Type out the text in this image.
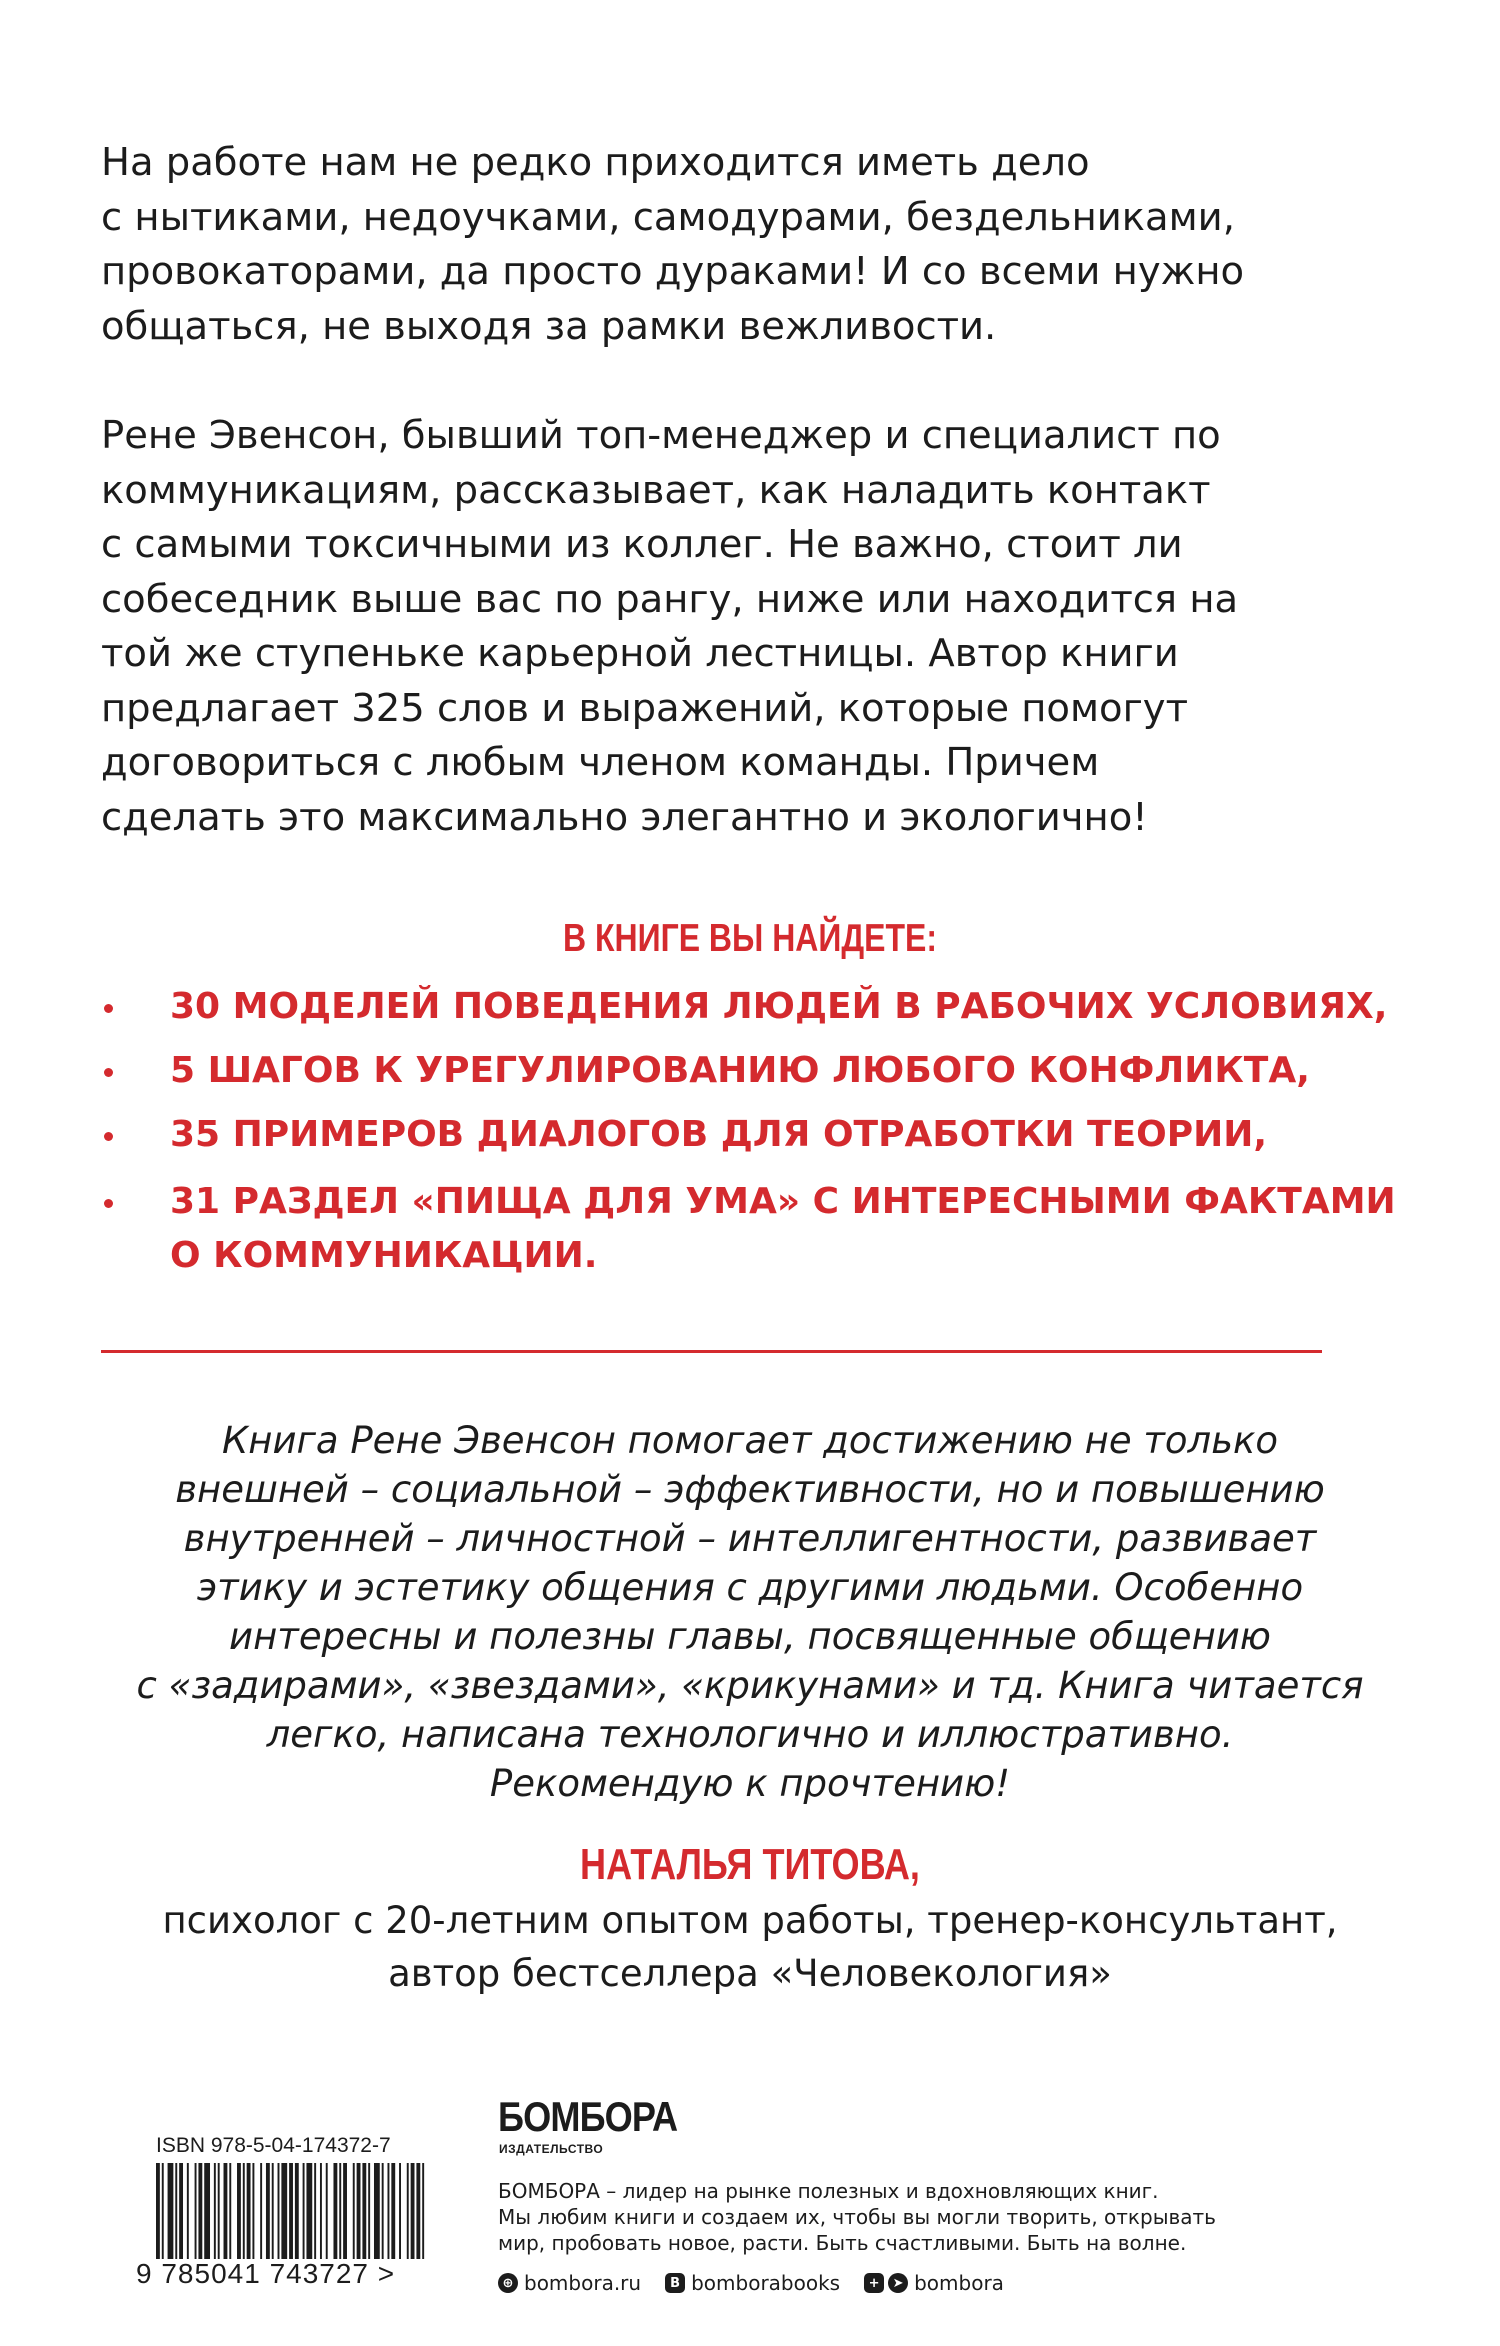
На работе нам не редко приходится иметь дело
с нытиками, недоучками, самодурами, бездельниками,
провокаторами, да просто дураками! И со всеми нужно
общаться, не выходя за рамки вежливости.

Рене Эвенсон, бывший топ-менеджер и специалист по
коммуникациям, рассказывает, как наладить контакт
с самыми токсичными из коллег. Не важно, стоит ли
собеседник выше вас по рангу, ниже или находится на
той же ступеньке карьерной лестницы. Автор книги
предлагает 325 слов и выражений, которые помогут
договориться с любым членом команды. Причем
сделать это максимально элегантно и экологично!

В КНИГЕ ВЫ НАЙДЕТЕ:
30 МОДЕЛЕЙ ПОВЕДЕНИЯ ЛЮДЕЙ В РАБОЧИХ УСЛОВИЯХ,
5 ШАГОВ К УРЕГУЛИРОВАНИЮ ЛЮБОГО КОНФЛИКТА,
35 ПРИМЕРОВ ДИАЛОГОВ ДЛЯ ОТРАБОТКИ ТЕОРИИ,
31 РАЗДЕЛ «ПИЩА ДЛЯ УМА» С ИНТЕРЕСНЫМИ ФАКТАМИ
О КОММУНИКАЦИИ.

Книга Рене Эвенсон помогает достижению не только
внешней – социальной – эффективности, но и повышению
внутренней – личностной – интеллигентности, развивает
этику и эстетику общения с другими людьми. Особенно
интересны и полезны главы, посвященные общению
с «задирами», «звездами», «крикунами» и тд. Книга читается
легко, написана технологично и иллюстративно.
Рекомендую к прочтению!

НАТАЛЬЯ ТИТОВА,

психолог с 20-летним опытом работы, тренер-консультант,
автор бестселлера «Человекология»

ISBN 978-5-04-174372-7
9 785041 743727 >
БОМБОРА
ИЗДАТЕЛЬСТВО

БОМБОРА – лидер на рынке полезных и вдохновляющих книг.
Мы любим книги и создаем их, чтобы вы могли творить, открывать
мир, пробовать новое, расти. Быть счастливыми. Быть на волне.

⊕ bombora.ru	В bomborabooks	+	➤ bombora
